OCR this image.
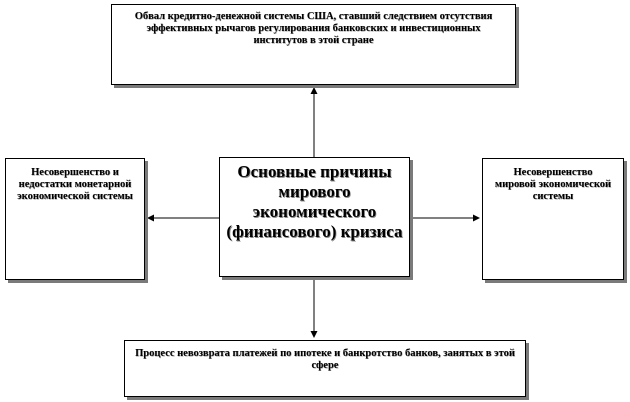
Обвал кредитно-денежной системы США, ставший следствием отсутствия эффективных рычагов регулирования банковских и инвестиционных институтов в этой стране
Несовершенство и недостатки монетарной экономической системы
Основные причины мирового экономического (финансового) кризиса
Несовершенство мировой экономической системы
Процесс невозврата платежей по ипотеке и банкротство банков, занятых в этой сфере
